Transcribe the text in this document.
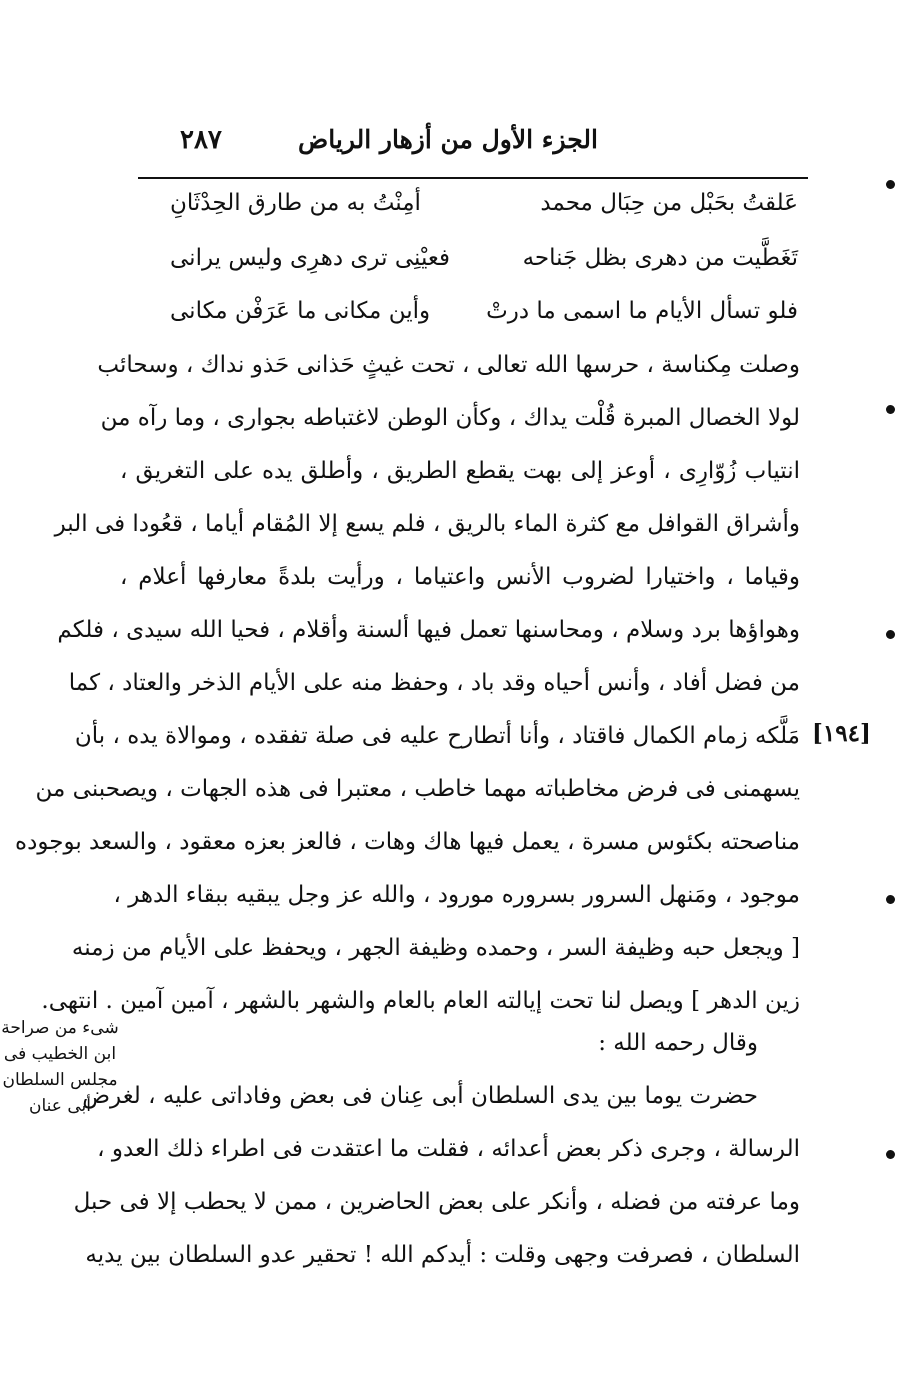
٢٨٧	الجزء الأول من أزهار الرياض
عَلقتُ بحَبْل من حِبَال محمد
أمِنْتُ به من طارق الحِدْثَانِ
تَغَطَّيت من دهرى بظل جَناحه
فعيْنِى ترى دهرِى وليس يرانى
فلو تسأل الأيام ما اسمى ما درتْ
وأين مكانى ما عَرَفْن مكانى
وصلت مِكناسة ، حرسها الله تعالى ، تحت غيثٍ حَذانى حَذو نداك ، وسحائب
لولا الخصال المبرة قُلْت يداك ، وكأن الوطن لاغتباطه بجوارى ، وما رآه من
انتياب زُوّارِى ، أوعز إلى بهت يقطع الطريق ، وأطلق يده على التغريق ،
وأشراق القوافل مع كثرة الماء بالريق ، فلم يسع إلا المُقام أياما ، قعُودا فى البر
وقياما ، واختيارا لضروب الأنس واعتياما ، ورأيت بلدةً معارفها أعلام ،
وهواؤها برد وسلام ، ومحاسنها تعمل فيها ألسنة وأقلام ، فحيا الله سيدى ، فلكم
من فضل أفاد ، وأنس أحياه وقد باد ، وحفظ منه على الأيام الذخر والعتاد ، كما
مَلَّكه زمام الكمال فاقتاد ، وأنا أتطارح عليه فى صلة تفقده ، وموالاة يده ، بأن
يسهمنى فى فرض مخاطباته مهما خاطب ، معتبرا فى هذه الجهات ، ويصحبنى من
مناصحته بكئوس مسرة ، يعمل فيها هاك وهات ، فالعز بعزه معقود ، والسعد بوجوده
موجود ، ومَنهل السرور بسروره مورود ، والله عز وجل يبقيه ببقاء الدهر ،
[ ويجعل حبه وظيفة السر ، وحمده وظيفة الجهر ، ويحفظ على الأيام من زمنه
زين الدهر ] ويصل لنا تحت إيالته العام بالعام والشهر بالشهر ، آمين آمين . انتهى.
وقال رحمه الله :
حضرت يوما بين يدى السلطان أبى عِنان فى بعض وفاداتى عليه ، لغرض
الرسالة ، وجرى ذكر بعض أعدائه ، فقلت ما اعتقدت فى اطراء ذلك العدو ،
وما عرفته من فضله ، وأنكر على بعض الحاضرين ، ممن لا يحطب إلا فى حبل
السلطان ، فصرفت وجهى وقلت : أيدكم الله ! تحقير عدو السلطان بين يديه
[١٩٤]
شىء من صراحة
ابن الخطيب فى
مجلس السلطان
أبى عنان
